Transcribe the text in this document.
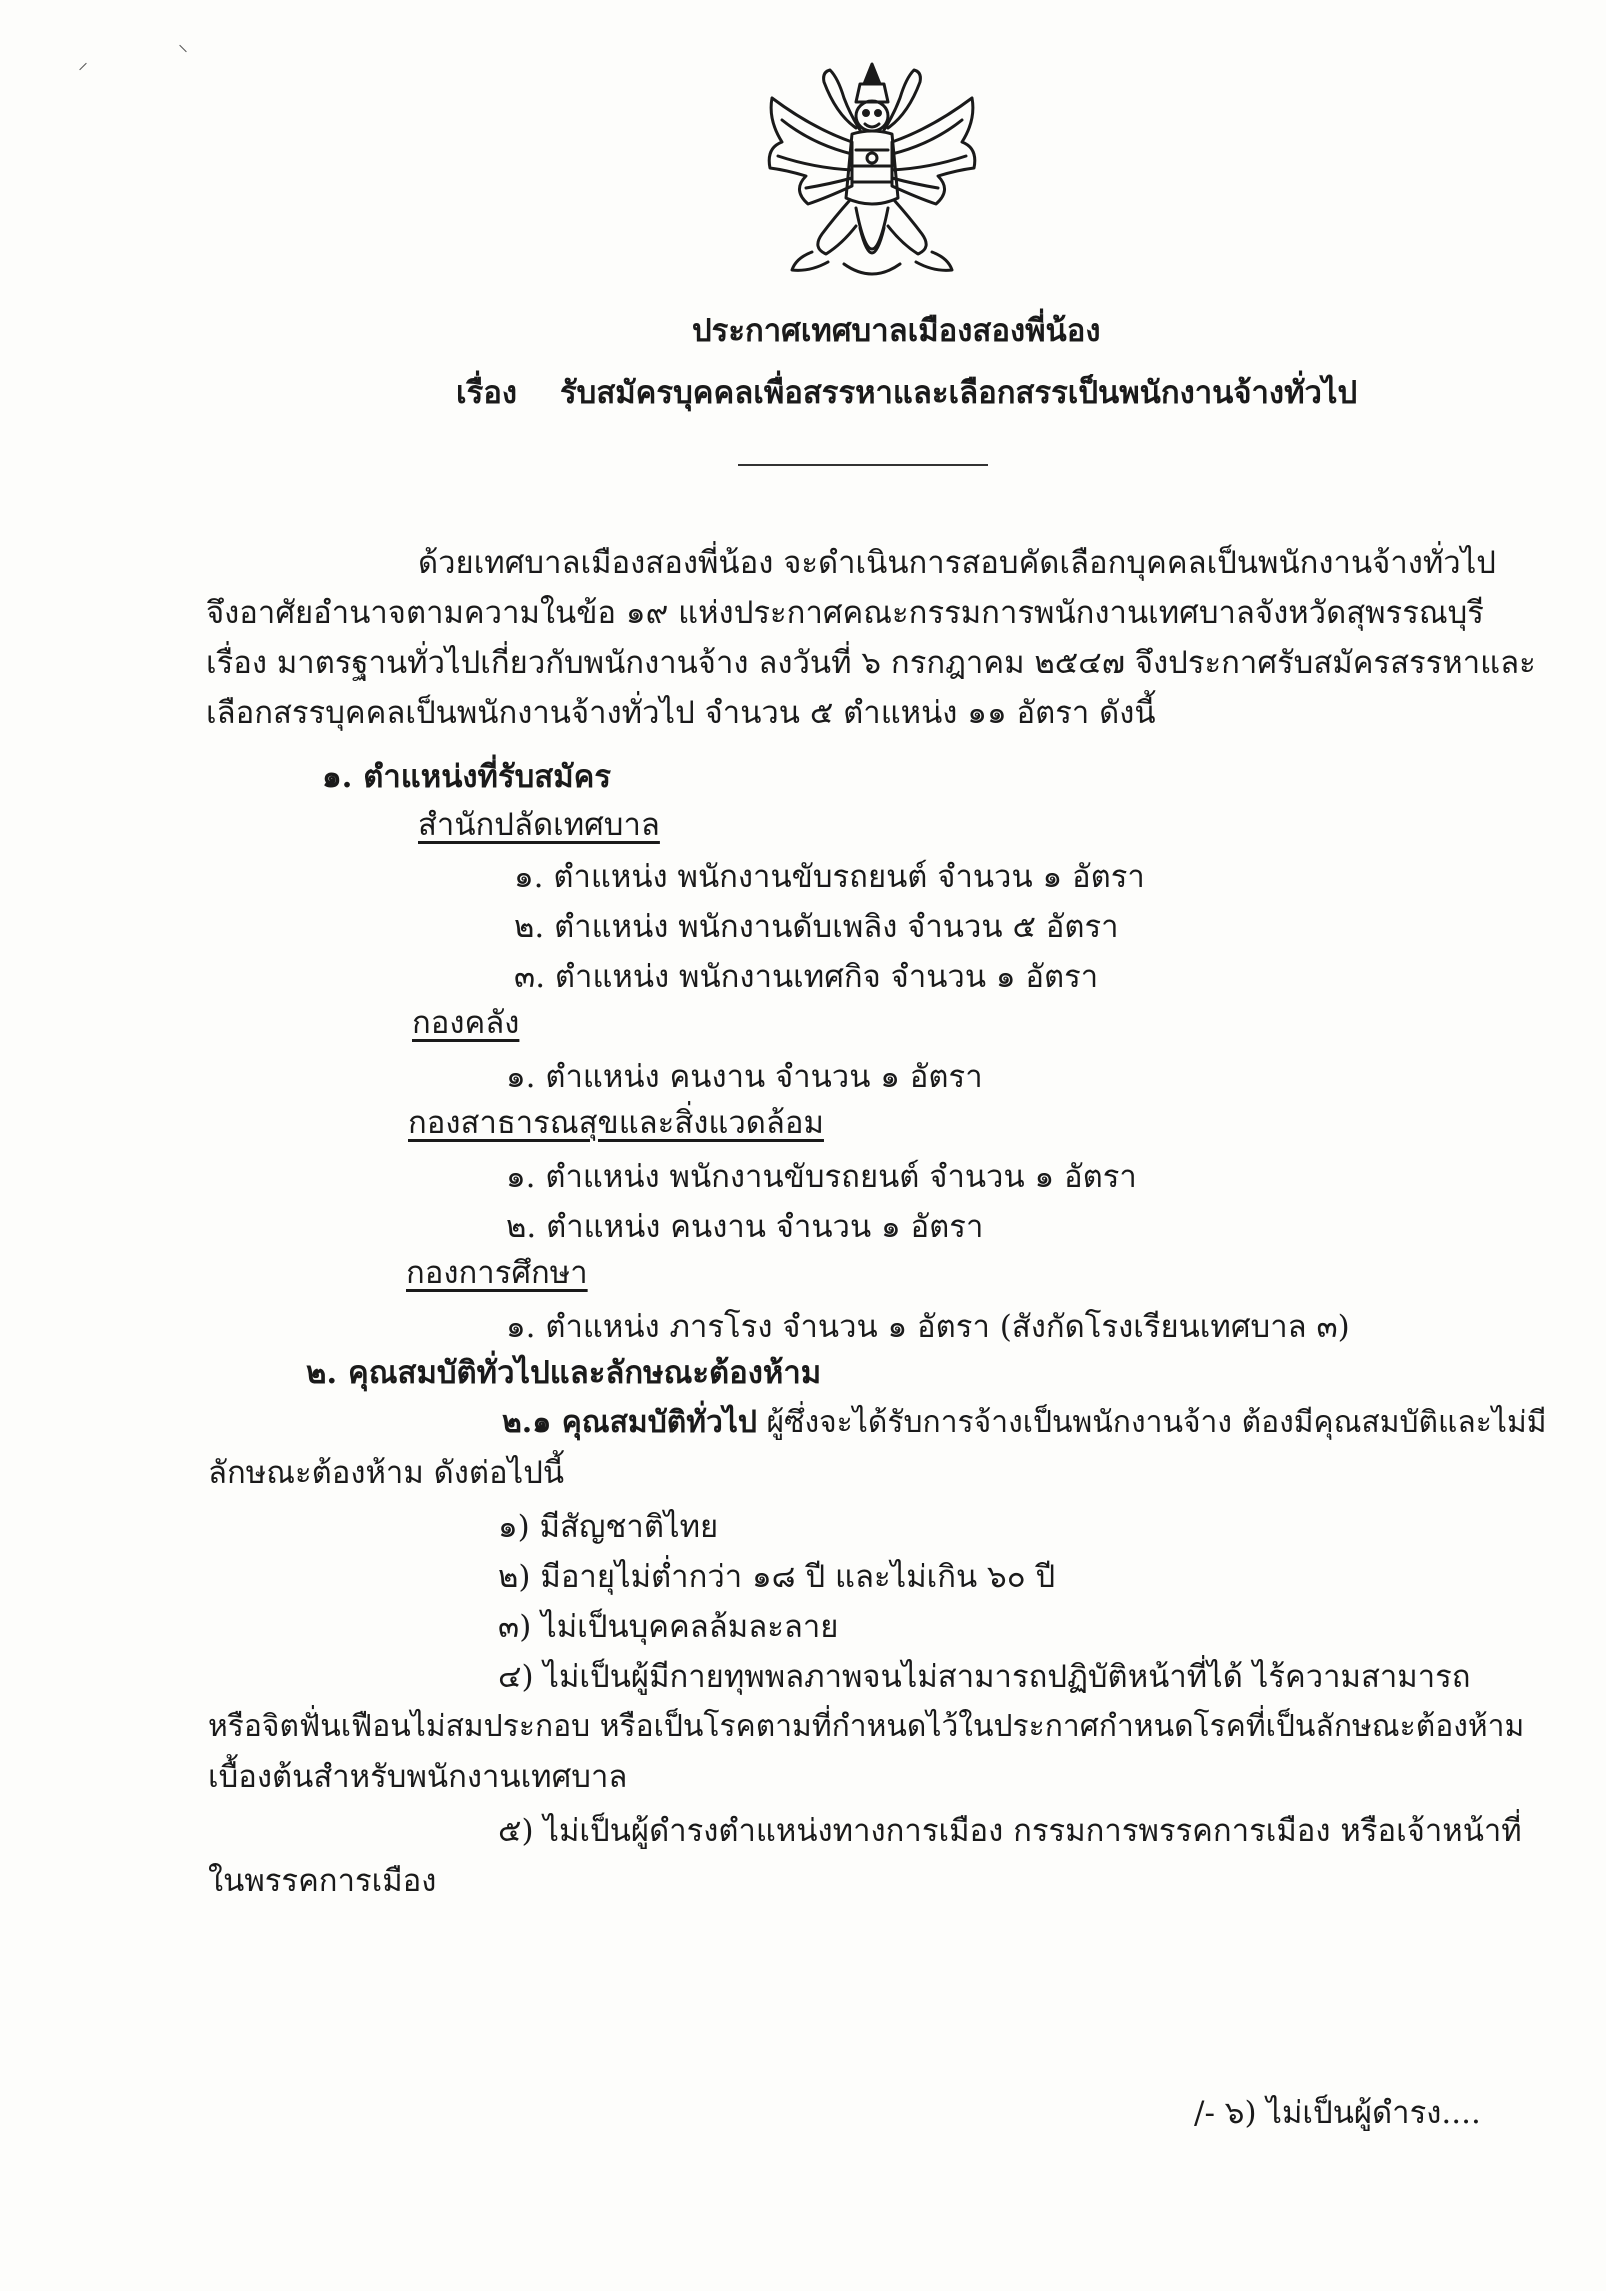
⸍
⸌
ประกาศเทศบาลเมืองสองพี่น้อง
เรื่อง รับสมัครบุคคลเพื่อสรรหาและเลือกสรรเป็นพนักงานจ้างทั่วไป
ด้วยเทศบาลเมืองสองพี่น้อง จะดำเนินการสอบคัดเลือกบุคคลเป็นพนักงานจ้างทั่วไป
จึงอาศัยอำนาจตามความในข้อ ๑๙ แห่งประกาศคณะกรรมการพนักงานเทศบาลจังหวัดสุพรรณบุรี
เรื่อง มาตรฐานทั่วไปเกี่ยวกับพนักงานจ้าง ลงวันที่ ๖ กรกฎาคม ๒๕๔๗ จึงประกาศรับสมัครสรรหาและ
เลือกสรรบุคคลเป็นพนักงานจ้างทั่วไป จำนวน ๕ ตำแหน่ง ๑๑ อัตรา ดังนี้
๑. ตำแหน่งที่รับสมัคร
สำนักปลัดเทศบาล
๑. ตำแหน่ง พนักงานขับรถยนต์ จำนวน ๑ อัตรา
๒. ตำแหน่ง พนักงานดับเพลิง จำนวน ๕ อัตรา
๓. ตำแหน่ง พนักงานเทศกิจ จำนวน ๑ อัตรา
กองคลัง
๑. ตำแหน่ง คนงาน จำนวน ๑ อัตรา
กองสาธารณสุขและสิ่งแวดล้อม
๑. ตำแหน่ง พนักงานขับรถยนต์ จำนวน ๑ อัตรา
๒. ตำแหน่ง คนงาน จำนวน ๑ อัตรา
กองการศึกษา
๑. ตำแหน่ง ภารโรง จำนวน ๑ อัตรา (สังกัดโรงเรียนเทศบาล ๓)
๒. คุณสมบัติทั่วไปและลักษณะต้องห้าม
๒.๑ คุณสมบัติทั่วไป ผู้ซึ่งจะได้รับการจ้างเป็นพนักงานจ้าง ต้องมีคุณสมบัติและไม่มี
ลักษณะต้องห้าม ดังต่อไปนี้
๑) มีสัญชาติไทย
๒) มีอายุไม่ต่ำกว่า ๑๘ ปี และไม่เกิน ๖๐ ปี
๓) ไม่เป็นบุคคลล้มละลาย
๔) ไม่เป็นผู้มีกายทุพพลภาพจนไม่สามารถปฏิบัติหน้าที่ได้ ไร้ความสามารถ
หรือจิตฟั่นเฟือนไม่สมประกอบ หรือเป็นโรคตามที่กำหนดไว้ในประกาศกำหนดโรคที่เป็นลักษณะต้องห้าม
เบื้องต้นสำหรับพนักงานเทศบาล
๕) ไม่เป็นผู้ดำรงตำแหน่งทางการเมือง กรรมการพรรคการเมือง หรือเจ้าหน้าที่
ในพรรคการเมือง
/- ๖) ไม่เป็นผู้ดำรง....
